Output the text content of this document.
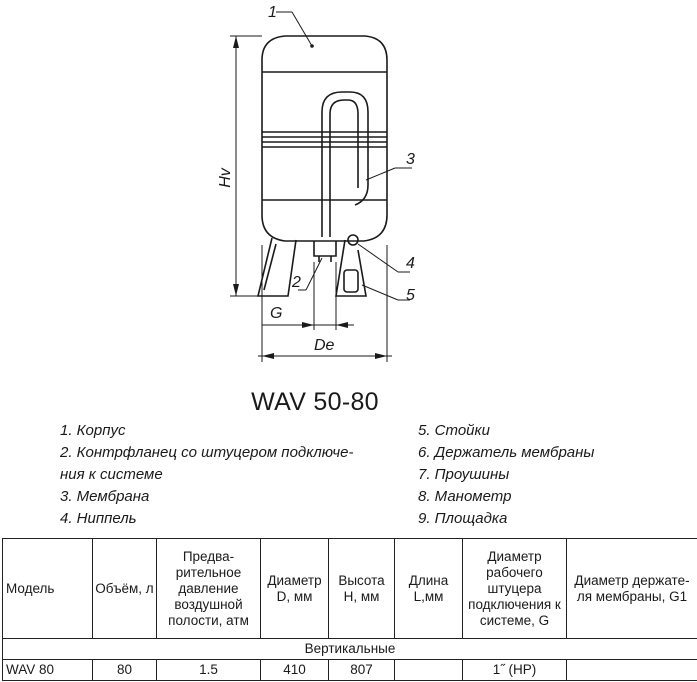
1
3
2
4
5
Hv
G
De
WAV 50-80
1. Корпус
2. Контрфланец со штуцером подключе-
ния к системе
3. Мембрана
4. Ниппель
5. Стойки
6. Держатель мембраны
7. Проушины
8. Манометр
9. Площадка
Модель	Объём, л	Предва-рительное давление воздушной полости, атм	Диаметр D, мм	Высота H, мм	Длина L,мм	Диаметр рабочего штуцера подключения к системе, G	Диаметр держате-ля мембраны, G1
Вертикальные							
WAV 80	80	1.5	410	807		1˝ (НР)	
